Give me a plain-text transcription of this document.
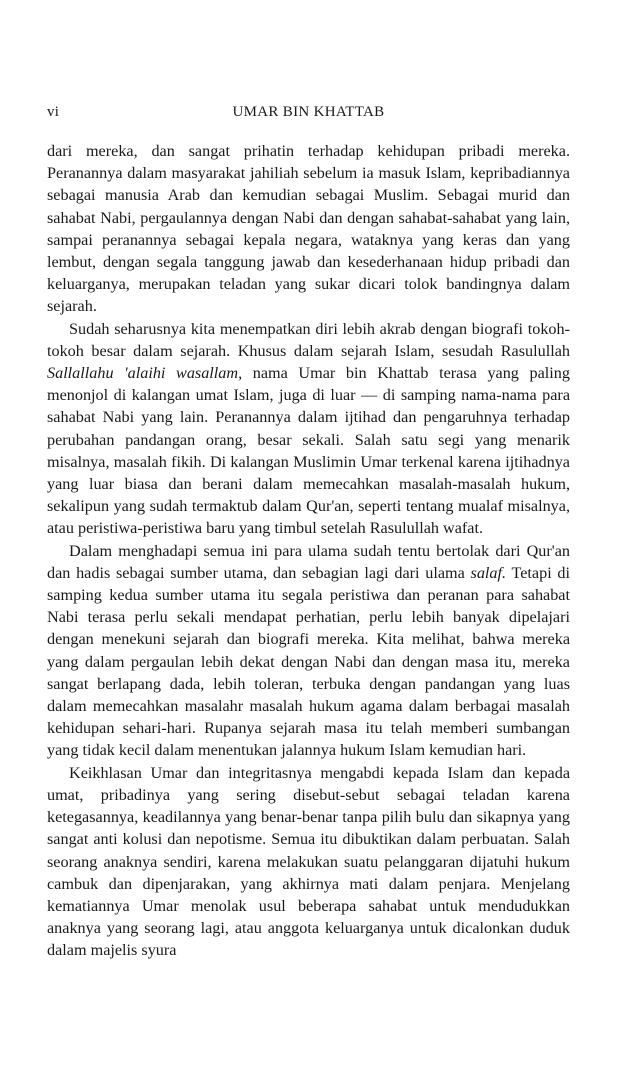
vi	UMAR BIN KHATTAB

dari mereka, dan sangat prihatin terhadap kehidupan pribadi mereka. Peranannya dalam masyarakat jahiliah sebelum ia masuk Islam, kepribadiannya sebagai manusia Arab dan kemudian sebagai Muslim. Sebagai murid dan sahabat Nabi, pergaulannya dengan Nabi dan dengan sahabat-sahabat yang lain, sampai peranannya sebagai kepala negara, wataknya yang keras dan yang lembut, dengan segala tanggung jawab dan kesederhanaan hidup pribadi dan keluarganya, merupakan teladan yang sukar dicari tolok bandingnya dalam sejarah.

Sudah seharusnya kita menempatkan diri lebih akrab dengan biografi tokoh-tokoh besar dalam sejarah. Khusus dalam sejarah Islam, sesudah Rasulullah Sallallahu 'alaihi wasallam, nama Umar bin Khattab terasa yang paling menonjol di kalangan umat Islam, juga di luar — di samping nama-nama para sahabat Nabi yang lain. Peranannya dalam ijtihad dan pengaruhnya terhadap perubahan pandangan orang, besar sekali. Salah satu segi yang menarik misalnya, masalah fikih. Di kalangan Muslimin Umar terkenal karena ijtihadnya yang luar biasa dan berani dalam memecahkan masalah-masalah hukum, sekalipun yang sudah termaktub dalam Qur'an, seperti tentang mualaf misalnya, atau peristiwa-peristiwa baru yang timbul setelah Rasulullah wafat.

Dalam menghadapi semua ini para ulama sudah tentu bertolak dari Qur'an dan hadis sebagai sumber utama, dan sebagian lagi dari ulama salaf. Tetapi di samping kedua sumber utama itu segala peristiwa dan peranan para sahabat Nabi terasa perlu sekali mendapat perhatian, perlu lebih banyak dipelajari dengan menekuni sejarah dan biografi mereka. Kita melihat, bahwa mereka yang dalam pergaulan lebih dekat dengan Nabi dan dengan masa itu, mereka sangat berlapang dada, lebih toleran, terbuka dengan pandangan yang luas dalam memecahkan masalahr masalah hukum agama dalam berbagai masalah kehidupan sehari-hari. Rupanya sejarah masa itu telah memberi sumbangan yang tidak kecil dalam menentukan jalannya hukum Islam kemudian hari.

Keikhlasan Umar dan integritasnya mengabdi kepada Islam dan kepada umat, pribadinya yang sering disebut-sebut sebagai teladan karena ketegasannya, keadilannya yang benar-benar tanpa pilih bulu dan sikapnya yang sangat anti kolusi dan nepotisme. Semua itu dibuktikan dalam perbuatan. Salah seorang anaknya sendiri, karena melakukan suatu pelanggaran dijatuhi hukum cambuk dan dipenjarakan, yang akhirnya mati dalam penjara. Menjelang kematiannya Umar menolak usul beberapa sahabat untuk mendudukkan anaknya yang seorang lagi, atau anggota keluarganya untuk dicalonkan duduk dalam majelis syura
